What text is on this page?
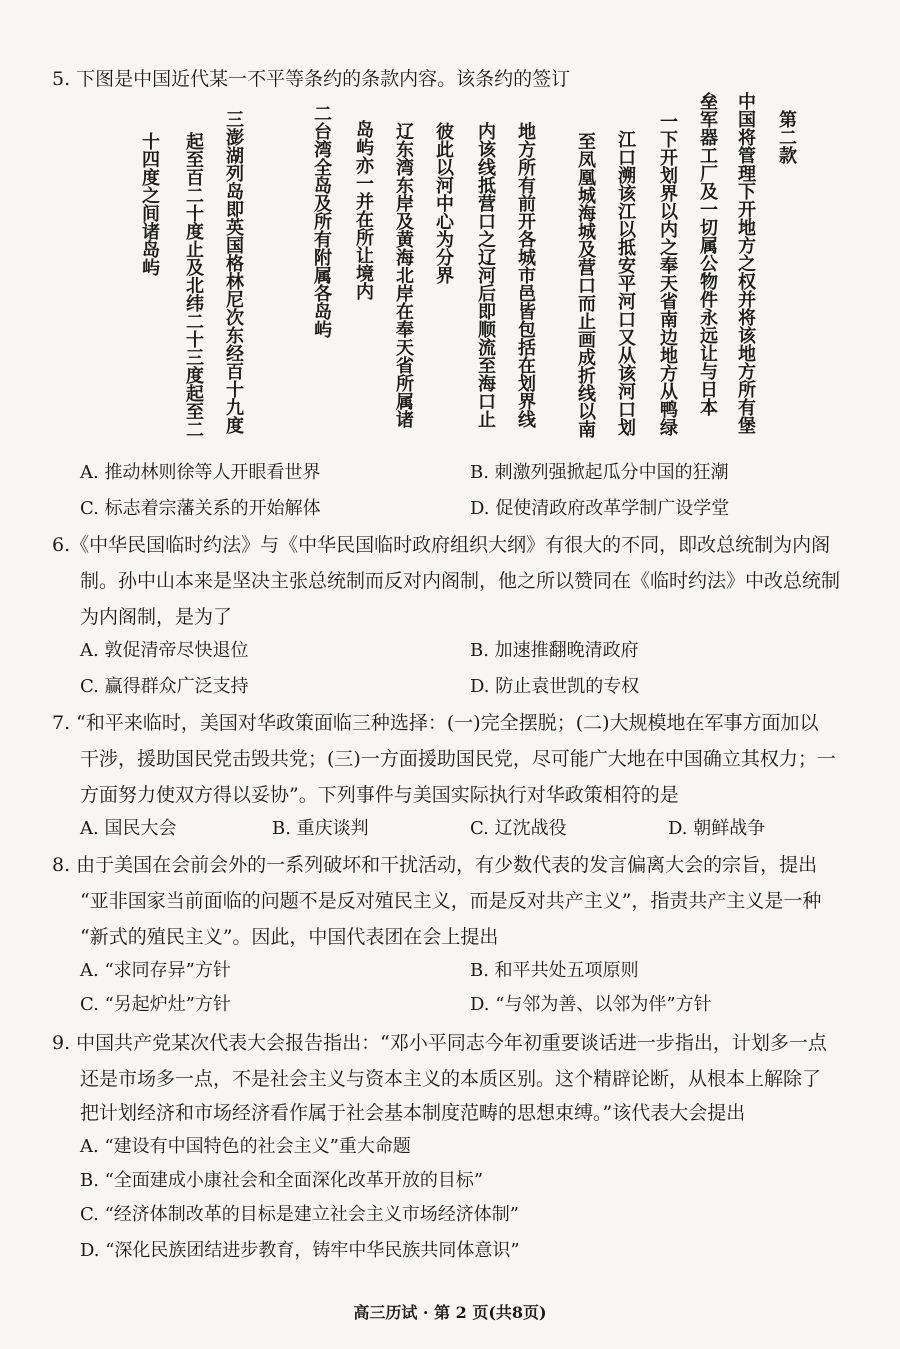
5. 下图是中国近代某一不平等条约的条款内容。该条约的签订
第二款
中国将管理下开地方之权并将该地方所有堡
垒军器工厂及一切属公物件永远让与日本
一下开划界以内之奉天省南边地方从鸭绿
江口溯该江以抵安平河口又从该河口划
至凤凰城海城及营口而止画成折线以南
地方所有前开各城市邑皆包括在划界线
内该线抵营口之辽河后即顺流至海口止
彼此以河中心为分界
辽东湾东岸及黄海北岸在奉天省所属诸
岛屿亦一并在所让境内
二台湾全岛及所有附属各岛屿
三澎湖列岛即英国格林尼次东经百十九度
起至百二十度止及北纬二十三度起至二
十四度之间诸岛屿
A. 推动林则徐等人开眼看世界	B. 刺激列强掀起瓜分中国的狂潮
C. 标志着宗藩关系的开始解体	D. 促使清政府改革学制广设学堂
6.《中华民国临时约法》与《中华民国临时政府组织大纲》有很大的不同，即改总统制为内阁
制。孙中山本来是坚决主张总统制而反对内阁制，他之所以赞同在《临时约法》中改总统制
为内阁制，是为了
A. 敦促清帝尽快退位	B. 加速推翻晚清政府
C. 赢得群众广泛支持	D. 防止袁世凯的专权
7. “和平来临时，美国对华政策面临三种选择：(一)完全摆脱；(二)大规模地在军事方面加以
干涉，援助国民党击毁共党；(三)一方面援助国民党，尽可能广大地在中国确立其权力；一
方面努力使双方得以妥协”。下列事件与美国实际执行对华政策相符的是
A. 国民大会	B. 重庆谈判	C. 辽沈战役	D. 朝鲜战争
8. 由于美国在会前会外的一系列破坏和干扰活动，有少数代表的发言偏离大会的宗旨，提出
“亚非国家当前面临的问题不是反对殖民主义，而是反对共产主义”，指责共产主义是一种
“新式的殖民主义”。因此，中国代表团在会上提出
A. “求同存异”方针	B. 和平共处五项原则
C. “另起炉灶”方针	D. “与邻为善、以邻为伴”方针
9. 中国共产党某次代表大会报告指出：“邓小平同志今年初重要谈话进一步指出，计划多一点
还是市场多一点，不是社会主义与资本主义的本质区别。这个精辟论断，从根本上解除了
把计划经济和市场经济看作属于社会基本制度范畴的思想束缚。”该代表大会提出
A. “建设有中国特色的社会主义”重大命题
B. “全面建成小康社会和全面深化改革开放的目标”
C. “经济体制改革的目标是建立社会主义市场经济体制”
D. “深化民族团结进步教育，铸牢中华民族共同体意识”
高三历试 · 第 2 页(共8页)
